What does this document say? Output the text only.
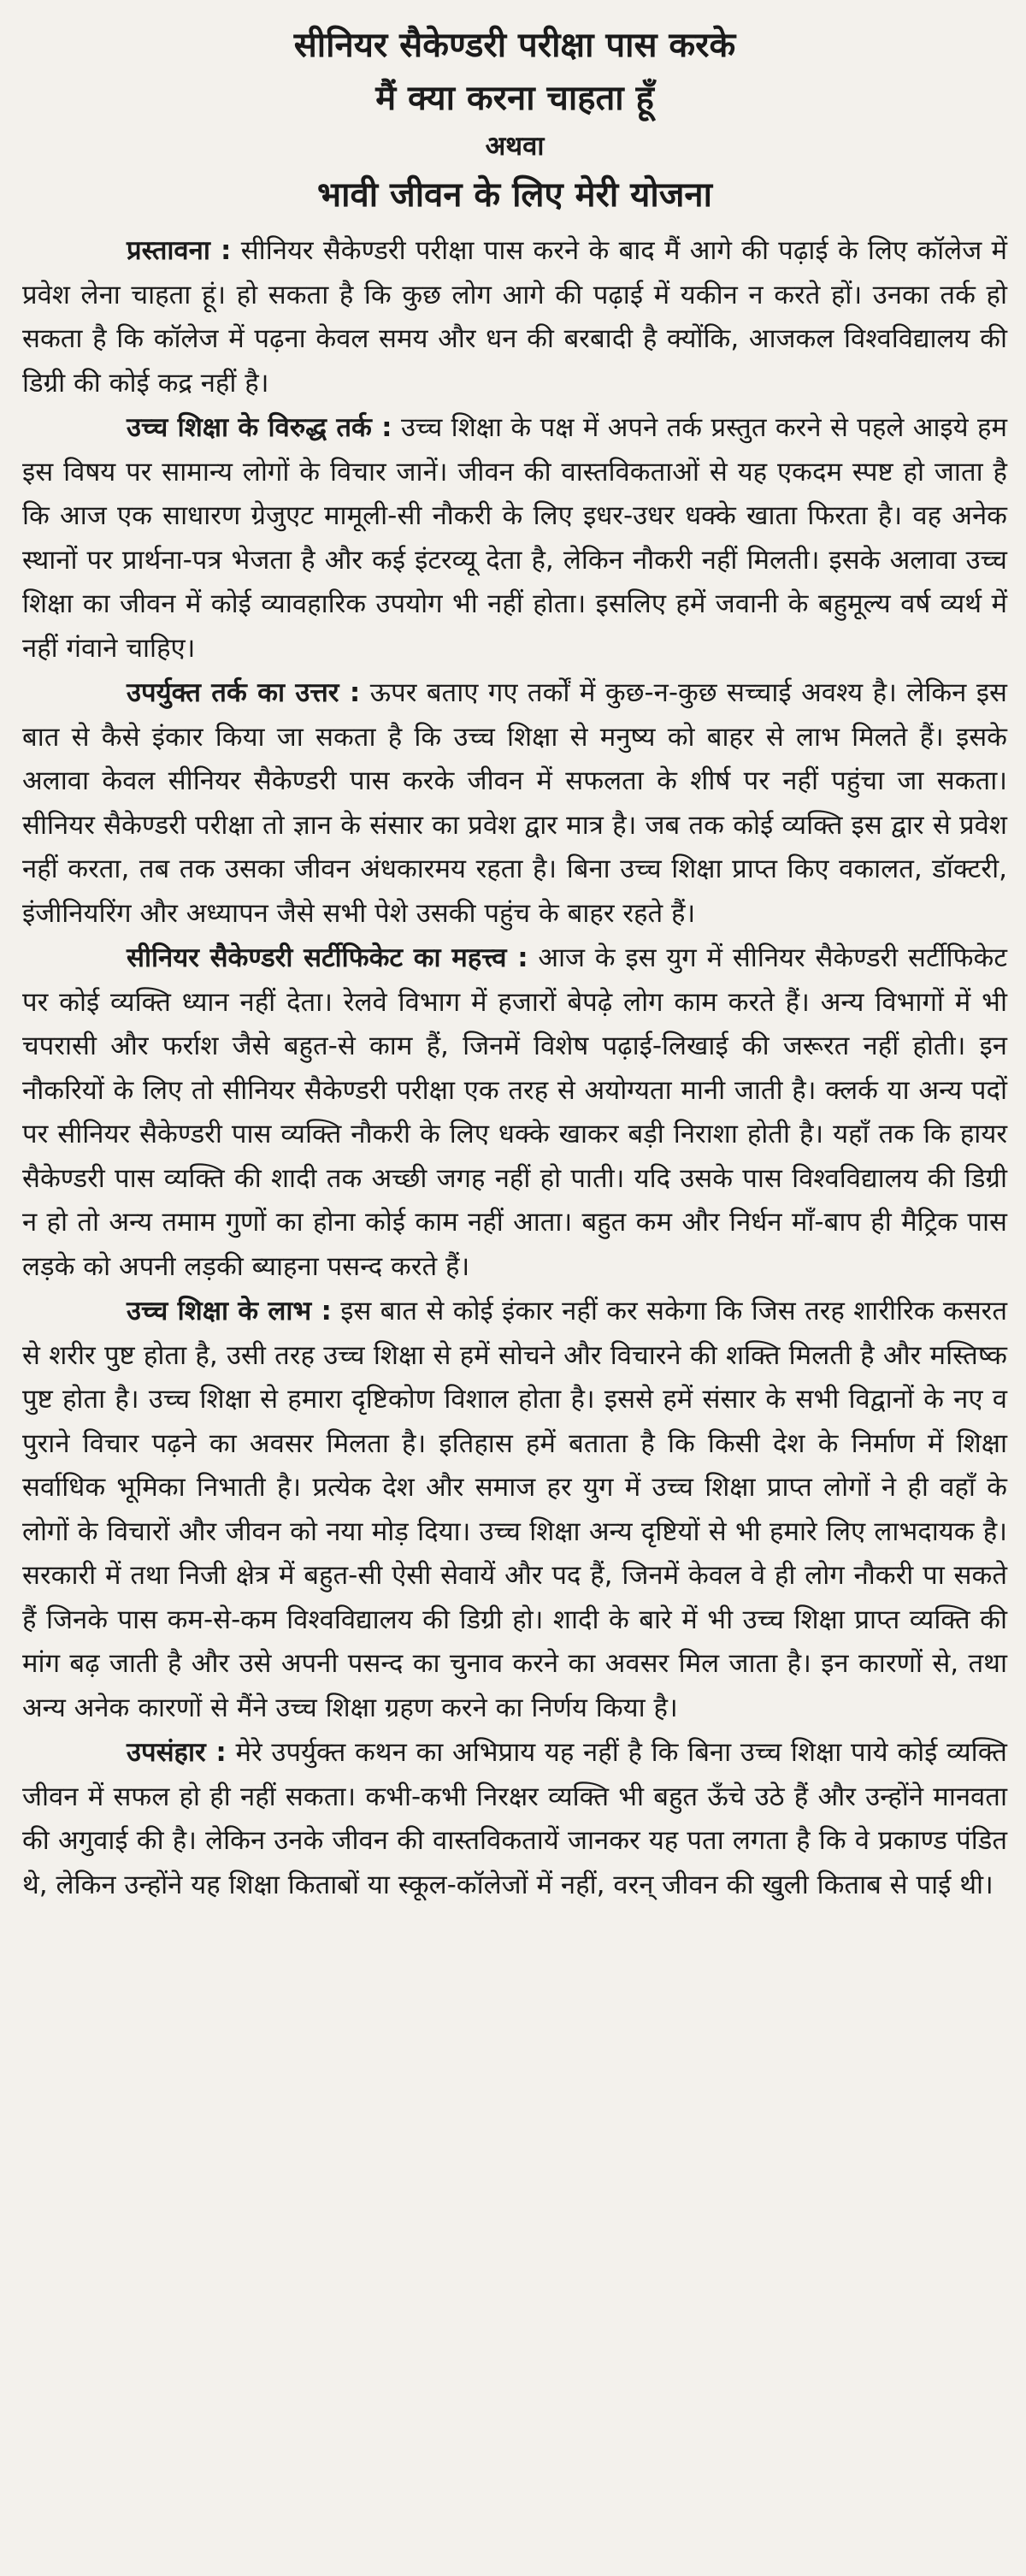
सीनियर सैकेण्डरी परीक्षा पास करके

मैं क्या करना चाहता हूँ

अथवा

भावी जीवन के लिए मेरी योजना

प्रस्तावना : सीनियर सैकेण्डरी परीक्षा पास करने के बाद मैं आगे की पढ़ाई के लिए कॉलेज में प्रवेश लेना चाहता हूं। हो सकता है कि कुछ लोग आगे की पढ़ाई में यकीन न करते हों। उनका तर्क हो सकता है कि कॉलेज में पढ़ना केवल समय और धन की बरबादी है क्योंकि, आजकल विश्वविद्यालय की डिग्री की कोई कद्र नहीं है।

उच्च शिक्षा के विरुद्ध तर्क : उच्च शिक्षा के पक्ष में अपने तर्क प्रस्तुत करने से पहले आइये हम इस विषय पर सामान्य लोगों के विचार जानें। जीवन की वास्तविकताओं से यह एकदम स्पष्ट हो जाता है कि आज एक साधारण ग्रेजुएट मामूली-सी नौकरी के लिए इधर-उधर धक्के खाता फिरता है। वह अनेक स्थानों पर प्रार्थना-पत्र भेजता है और कई इंटरव्यू देता है, लेकिन नौकरी नहीं मिलती। इसके अलावा उच्च शिक्षा का जीवन में कोई व्यावहारिक उपयोग भी नहीं होता। इसलिए हमें जवानी के बहुमूल्य वर्ष व्यर्थ में नहीं गंवाने चाहिए।

उपर्युक्त तर्क का उत्तर : ऊपर बताए गए तर्कों में कुछ-न-कुछ सच्चाई अवश्य है। लेकिन इस बात से कैसे इंकार किया जा सकता है कि उच्च शिक्षा से मनुष्य को बाहर से लाभ मिलते हैं। इसके अलावा केवल सीनियर सैकेण्डरी पास करके जीवन में सफलता के शीर्ष पर नहीं पहुंचा जा सकता। सीनियर सैकेण्डरी परीक्षा तो ज्ञान के संसार का प्रवेश द्वार मात्र है। जब तक कोई व्यक्ति इस द्वार से प्रवेश नहीं करता, तब तक उसका जीवन अंधकारमय रहता है। बिना उच्च शिक्षा प्राप्त किए वकालत, डॉक्टरी, इंजीनियरिंग और अध्यापन जैसे सभी पेशे उसकी पहुंच के बाहर रहते हैं।

सीनियर सैकेण्डरी सर्टीफिकेट का महत्त्व : आज के इस युग में सीनियर सैकेण्डरी सर्टीफिकेट पर कोई व्यक्ति ध्यान नहीं देता। रेलवे विभाग में हजारों बेपढ़े लोग काम करते हैं। अन्य विभागों में भी चपरासी और फर्राश जैसे बहुत-से काम हैं, जिनमें विशेष पढ़ाई-लिखाई की जरूरत नहीं होती। इन नौकरियों के लिए तो सीनियर सैकेण्डरी परीक्षा एक तरह से अयोग्यता मानी जाती है। क्लर्क या अन्य पदों पर सीनियर सैकेण्डरी पास व्यक्ति नौकरी के लिए धक्के खाकर बड़ी निराशा होती है। यहाँ तक कि हायर सैकेण्डरी पास व्यक्ति की शादी तक अच्छी जगह नहीं हो पाती। यदि उसके पास विश्वविद्यालय की डिग्री न हो तो अन्य तमाम गुणों का होना कोई काम नहीं आता। बहुत कम और निर्धन माँ-बाप ही मैट्रिक पास लड़के को अपनी लड़की ब्याहना पसन्द करते हैं।

उच्च शिक्षा के लाभ : इस बात से कोई इंकार नहीं कर सकेगा कि जिस तरह शारीरिक कसरत से शरीर पुष्ट होता है, उसी तरह उच्च शिक्षा से हमें सोचने और विचारने की शक्ति मिलती है और मस्तिष्क पुष्ट होता है। उच्च शिक्षा से हमारा दृष्टिकोण विशाल होता है। इससे हमें संसार के सभी विद्वानों के नए व पुराने विचार पढ़ने का अवसर मिलता है। इतिहास हमें बताता है कि किसी देश के निर्माण में शिक्षा सर्वाधिक भूमिका निभाती है। प्रत्येक देश और समाज हर युग में उच्च शिक्षा प्राप्त लोगों ने ही वहाँ के लोगों के विचारों और जीवन को नया मोड़ दिया। उच्च शिक्षा अन्य दृष्टियों से भी हमारे लिए लाभदायक है। सरकारी में तथा निजी क्षेत्र में बहुत-सी ऐसी सेवायें और पद हैं, जिनमें केवल वे ही लोग नौकरी पा सकते हैं जिनके पास कम-से-कम विश्वविद्यालय की डिग्री हो। शादी के बारे में भी उच्च शिक्षा प्राप्त व्यक्ति की मांग बढ़ जाती है और उसे अपनी पसन्द का चुनाव करने का अवसर मिल जाता है। इन कारणों से, तथा अन्य अनेक कारणों से मैंने उच्च शिक्षा ग्रहण करने का निर्णय किया है।

उपसंहार : मेरे उपर्युक्त कथन का अभिप्राय यह नहीं है कि बिना उच्च शिक्षा पाये कोई व्यक्ति जीवन में सफल हो ही नहीं सकता। कभी-कभी निरक्षर व्यक्ति भी बहुत ऊँचे उठे हैं और उन्होंने मानवता की अगुवाई की है। लेकिन उनके जीवन की वास्तविकतायें जानकर यह पता लगता है कि वे प्रकाण्ड पंडित थे, लेकिन उन्होंने यह शिक्षा किताबों या स्कूल-कॉलेजों में नहीं, वरन् जीवन की खुली किताब से पाई थी।
